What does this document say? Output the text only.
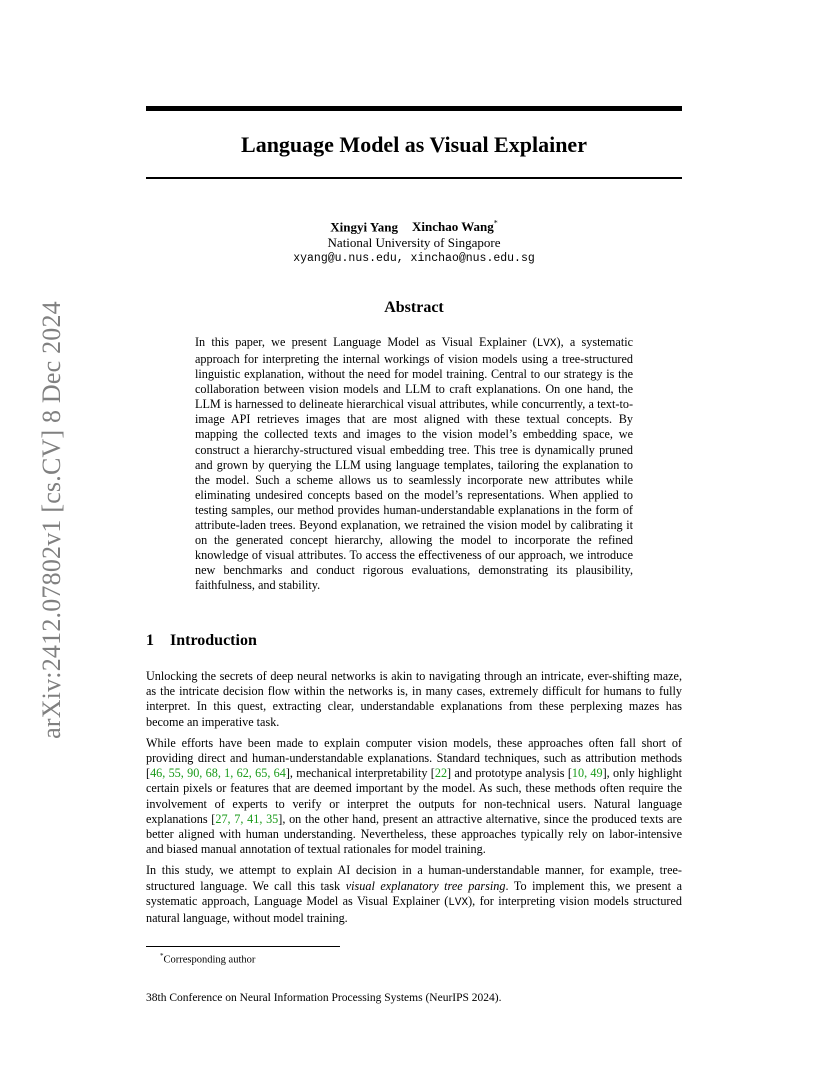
arXiv:2412.07802v1 [cs.CV] 8 Dec 2024
Language Model as Visual Explainer
Xingyi Yang Xinchao Wang*
National University of Singapore
xyang@u.nus.edu, xinchao@nus.edu.sg
Abstract
In this paper, we present Language Model as Visual Explainer (LVX), a systematic approach for interpreting the internal workings of vision models using a tree-structured linguistic explanation, without the need for model training. Central to our strategy is the collaboration between vision models and LLM to craft explanations. On one hand, the LLM is harnessed to delineate hierarchical visual attributes, while concurrently, a text-to-image API retrieves images that are most aligned with these textual concepts. By mapping the collected texts and images to the vision model’s embedding space, we construct a hierarchy-structured visual embedding tree. This tree is dynamically pruned and grown by querying the LLM using language templates, tailoring the explanation to the model. Such a scheme allows us to seamlessly incorporate new attributes while eliminating undesired concepts based on the model’s representations. When applied to testing samples, our method provides human-understandable explanations in the form of attribute-laden trees. Beyond explanation, we retrained the vision model by calibrating it on the generated concept hierarchy, allowing the model to incorporate the refined knowledge of visual attributes. To access the effectiveness of our approach, we introduce new benchmarks and conduct rigorous evaluations, demonstrating its plausibility, faithfulness, and stability.
1 Introduction

Unlocking the secrets of deep neural networks is akin to navigating through an intricate, ever-shifting maze, as the intricate decision flow within the networks is, in many cases, extremely difficult for humans to fully interpret. In this quest, extracting clear, understandable explanations from these perplexing mazes has become an imperative task.

While efforts have been made to explain computer vision models, these approaches often fall short of providing direct and human-understandable explanations. Standard techniques, such as attribution methods [46, 55, 90, 68, 1, 62, 65, 64], mechanical interpretability [22] and prototype analysis [10, 49], only highlight certain pixels or features that are deemed important by the model. As such, these methods often require the involvement of experts to verify or interpret the outputs for non-technical users. Natural language explanations [27, 7, 41, 35], on the other hand, present an attractive alternative, since the produced texts are better aligned with human understanding. Nevertheless, these approaches typically rely on labor-intensive and biased manual annotation of textual rationales for model training.

In this study, we attempt to explain AI decision in a human-understandable manner, for example, tree-structured language. We call this task visual explanatory tree parsing. To implement this, we present a systematic approach, Language Model as Visual Explainer (LVX), for interpreting vision models structured natural language, without model training.

*Corresponding author
38th Conference on Neural Information Processing Systems (NeurIPS 2024).
